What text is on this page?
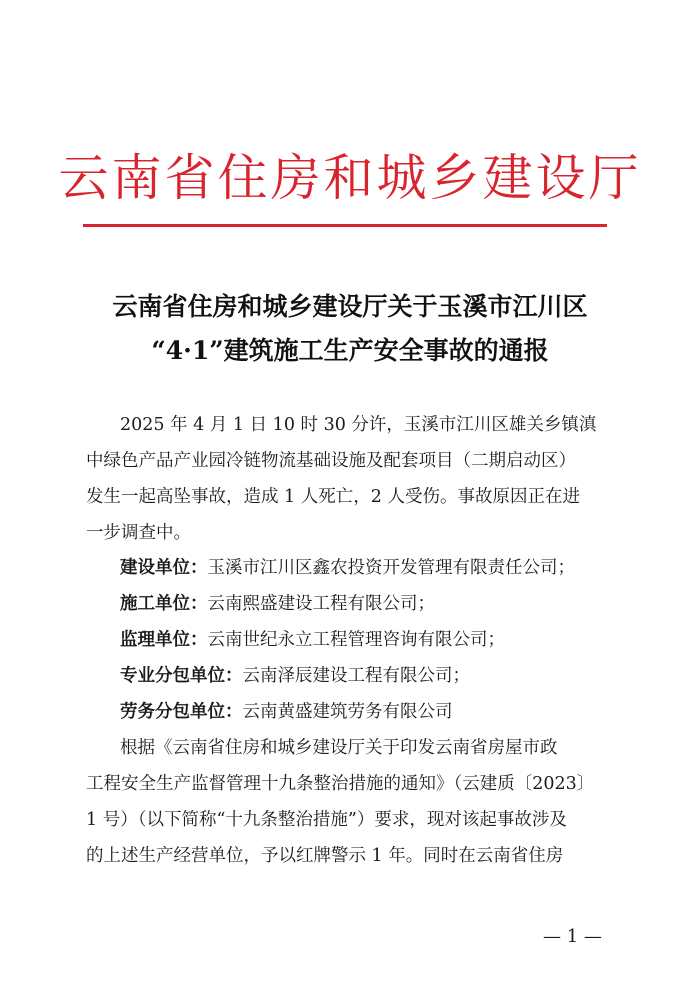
云南省住房和城乡建设厅
云南省住房和城乡建设厅关于玉溪市江川区
“4·1”建筑施工生产安全事故的通报
2025 年 4 月 1 日 10 时 30 分许，玉溪市江川区雄关乡镇滇
中绿色产品产业园冷链物流基础设施及配套项目（二期启动区）
发生一起高坠事故，造成 1 人死亡，2 人受伤。事故原因正在进
一步调查中。
建设单位：玉溪市江川区鑫农投资开发管理有限责任公司；
施工单位：云南熙盛建设工程有限公司；
监理单位：云南世纪永立工程管理咨询有限公司；
专业分包单位：云南泽辰建设工程有限公司；
劳务分包单位：云南黄盛建筑劳务有限公司
根据《云南省住房和城乡建设厅关于印发云南省房屋市政
工程安全生产监督管理十九条整治措施的通知》（云建质〔2023〕
1 号）（以下简称“十九条整治措施”）要求，现对该起事故涉及
的上述生产经营单位，予以红牌警示 1 年。同时在云南省住房
— 1 —
